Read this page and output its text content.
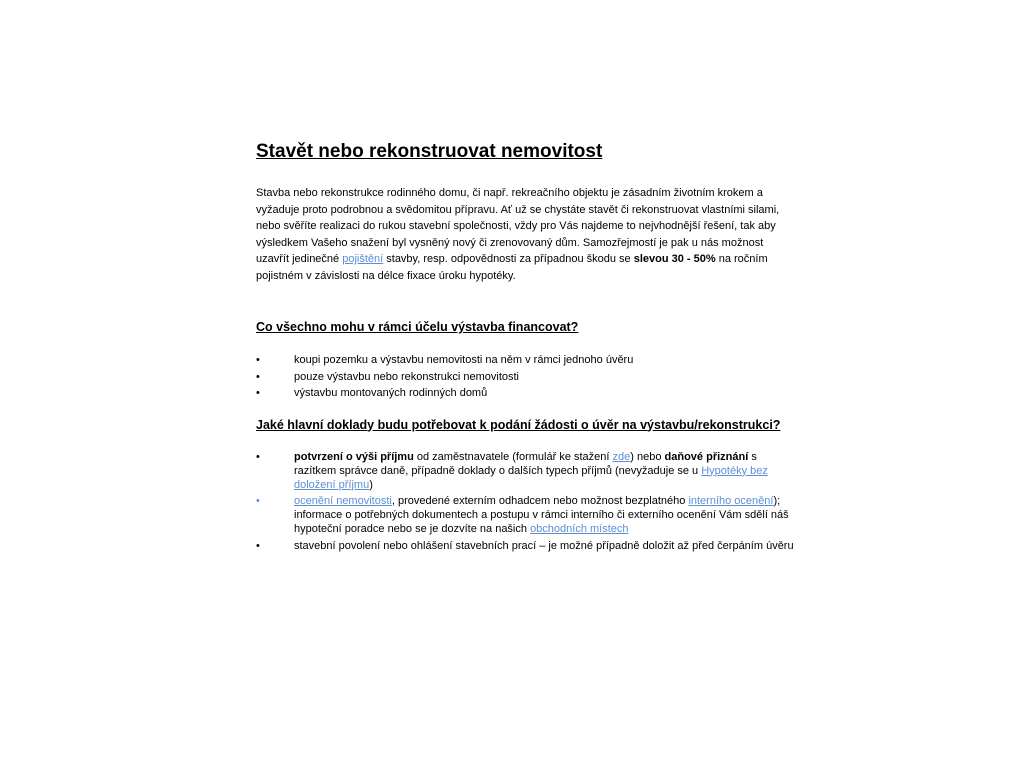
Stavět nebo rekonstruovat nemovitost

Stavba nebo rekonstrukce rodinného domu, či např. rekreačního objektu je zásadním životním krokem a vyžaduje proto podrobnou a svědomitou přípravu. Ať už se chystáte stavět či rekonstruovat vlastními silami, nebo svěříte realizaci do rukou stavební společnosti, vždy pro Vás najdeme to nejvhodnější řešení, tak aby výsledkem Vašeho snažení byl vysněný nový či zrenovovaný dům. Samozřejmostí je pak u nás možnost uzavřít jedinečné pojištění stavby, resp. odpovědnosti za případnou škodu se slevou 30 - 50% na ročním pojistném v závislosti na délce fixace úroku hypotéky.

Co všechno mohu v rámci účelu výstavba financovat?
•	koupi pozemku a výstavbu nemovitosti na něm v rámci jednoho úvěru
•	pouze výstavbu nebo rekonstrukci nemovitosti
•	výstavbu montovaných rodinných domů
Jaké hlavní doklady budu potřebovat k podání žádosti o úvěr na výstavbu/rekonstrukci?
•	potvrzení o výši příjmu od zaměstnavatele (formulář ke stažení zde) nebo daňové přiznání s razítkem správce daně, případně doklady o dalších typech příjmů (nevyžaduje se u Hypotéky bez doložení příjmu)
•	ocenění nemovitosti, provedené externím odhadcem nebo možnost bezplatného interního ocenění); informace o potřebných dokumentech a postupu v rámci interního či externího ocenění Vám sdělí náš hypoteční poradce nebo se je dozvíte na našich obchodních místech
•	stavební povolení nebo ohlášení stavebních prací – je možné případně doložit až před čerpáním úvěru
